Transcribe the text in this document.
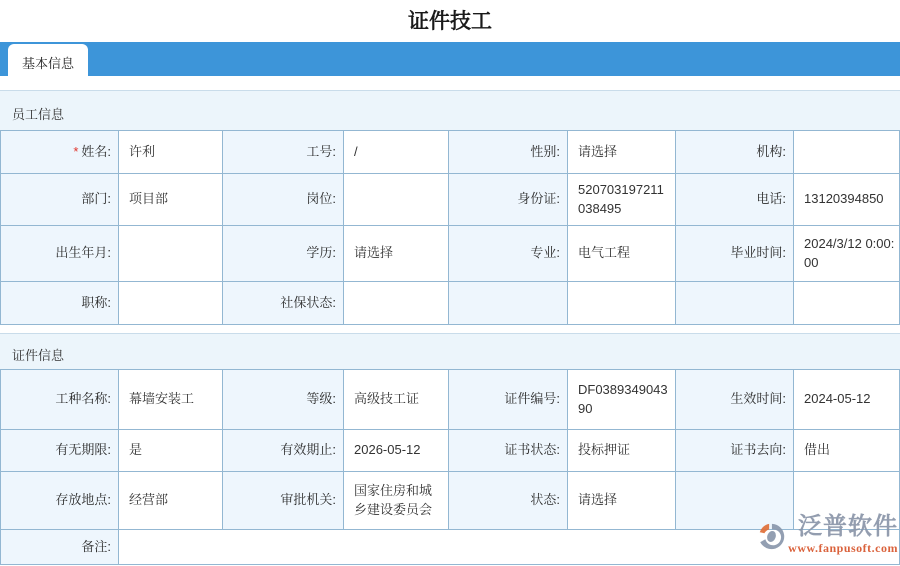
证件技工
基本信息
员工信息
* 姓名:	许利	工号:	/	性别:	请选择	机构:	
部门:	项目部	岗位:		身份证:	520703197211038495	电话:	13120394850
出生年月:		学历:	请选择	专业:	电气工程	毕业时间:	2024/3/12 0:00:00
职称:		社保状态:					
证件信息
工种名称:	幕墙安装工	等级:	高级技工证	证件编号:	DF038934904390	生效时间:	2024-05-12
有无期限:	是	有效期止:	2026-05-12	证书状态:	投标押证	证书去向:	借出
存放地点:	经营部	审批机关:	国家住房和城乡建设委员会	状态:	请选择		
备注:							
泛普软件
www.fanpusoft.com
